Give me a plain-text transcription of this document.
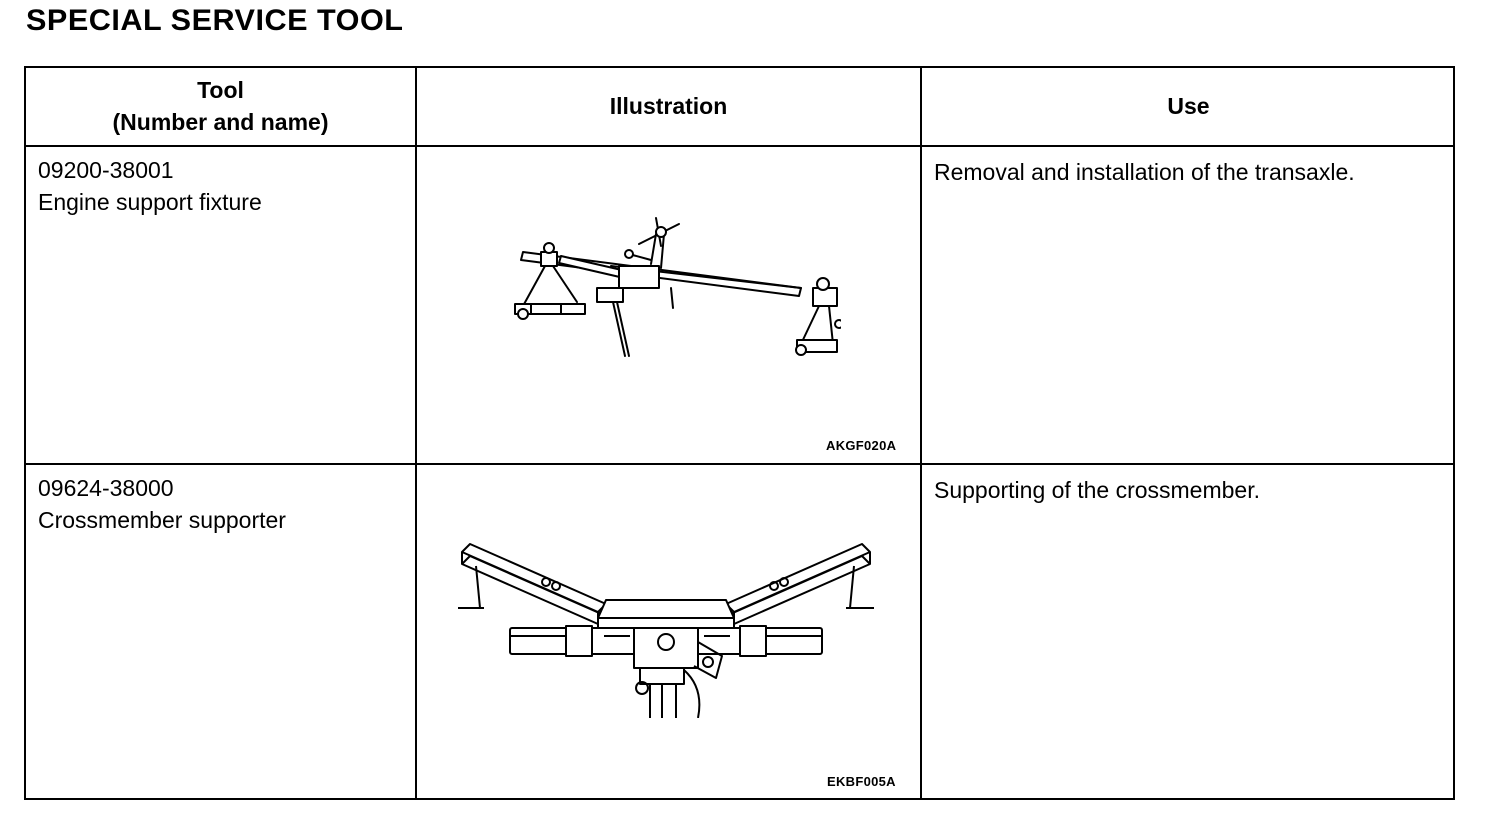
SPECIAL SERVICE TOOL
Tool
(Number and name)
Illustration	Use
09200-38001
Engine support fixture
Removal and installation of the transaxle.
AKGF020A
09624-38000
Crossmember supporter
Supporting of the crossmember.
EKBF005A
